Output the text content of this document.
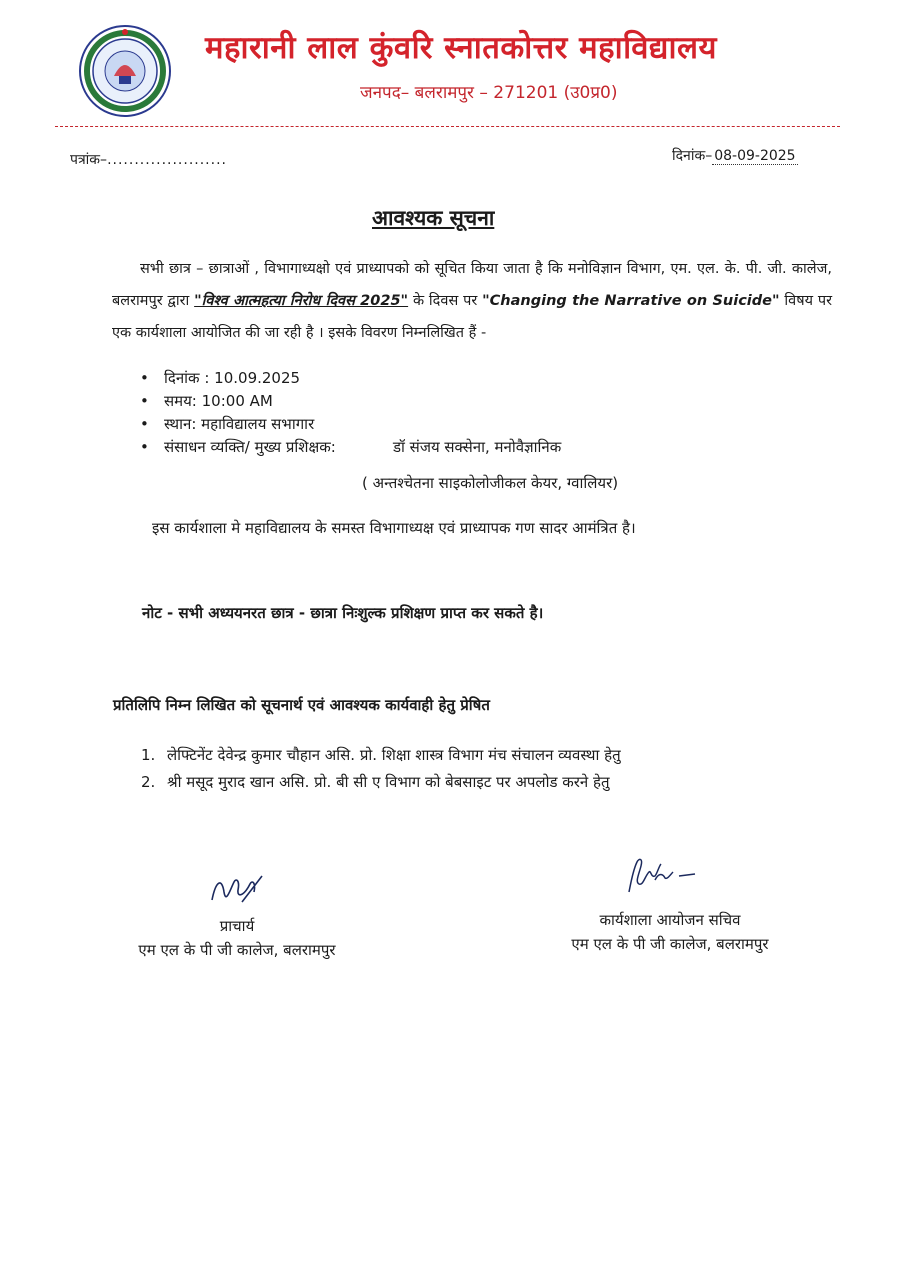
महारानी लाल कुंवरि स्नातकोत्तर महाविद्यालय
जनपद– बलरामपुर – 271201 (उ0प्र0)
पत्रांक–......................	दिनांक– 08-09-2025
आवश्यक सूचना
सभी छात्र – छात्राओं , विभागाध्यक्षो एवं प्राध्यापको को सूचित किया जाता है कि मनोविज्ञान विभाग, एम. एल. के. पी. जी. कालेज, बलरामपुर द्वारा "विश्व आत्महत्या निरोध दिवस 2025" के दिवस पर "Changing the Narrative on Suicide" विषय पर एक कार्यशाला आयोजित की जा रही है । इसके विवरण निम्नलिखित हैं -
• दिनांक : 10.09.2025
• समय: 10:00 AM
• स्थान: महाविद्यालय सभागार
• संसाधन व्यक्ति/ मुख्य प्रशिक्षक:	डॉ संजय सक्सेना, मनोवैज्ञानिक
( अन्तश्चेतना साइकोलोजीकल केयर, ग्वालियर)
इस कार्यशाला मे महाविद्यालय के समस्त विभागाध्यक्ष एवं प्राध्यापक गण सादर आमंत्रित है।
नोट - सभी अध्ययनरत छात्र - छात्रा निःशुल्क प्रशिक्षण प्राप्त कर सकते है।
प्रतिलिपि निम्न लिखित को सूचनार्थ एवं आवश्यक कार्यवाही हेतु प्रेषित
1. लेफ्टिनेंट देवेन्द्र कुमार चौहान असि. प्रो. शिक्षा शास्त्र विभाग मंच संचालन व्यवस्था हेतु
2. श्री मसूद मुराद खान असि. प्रो. बी सी ए विभाग को बेबसाइट पर अपलोड करने हेतु
प्राचार्य
एम एल के पी जी कालेज, बलरामपुर
कार्यशाला आयोजन सचिव
एम एल के पी जी कालेज, बलरामपुर
